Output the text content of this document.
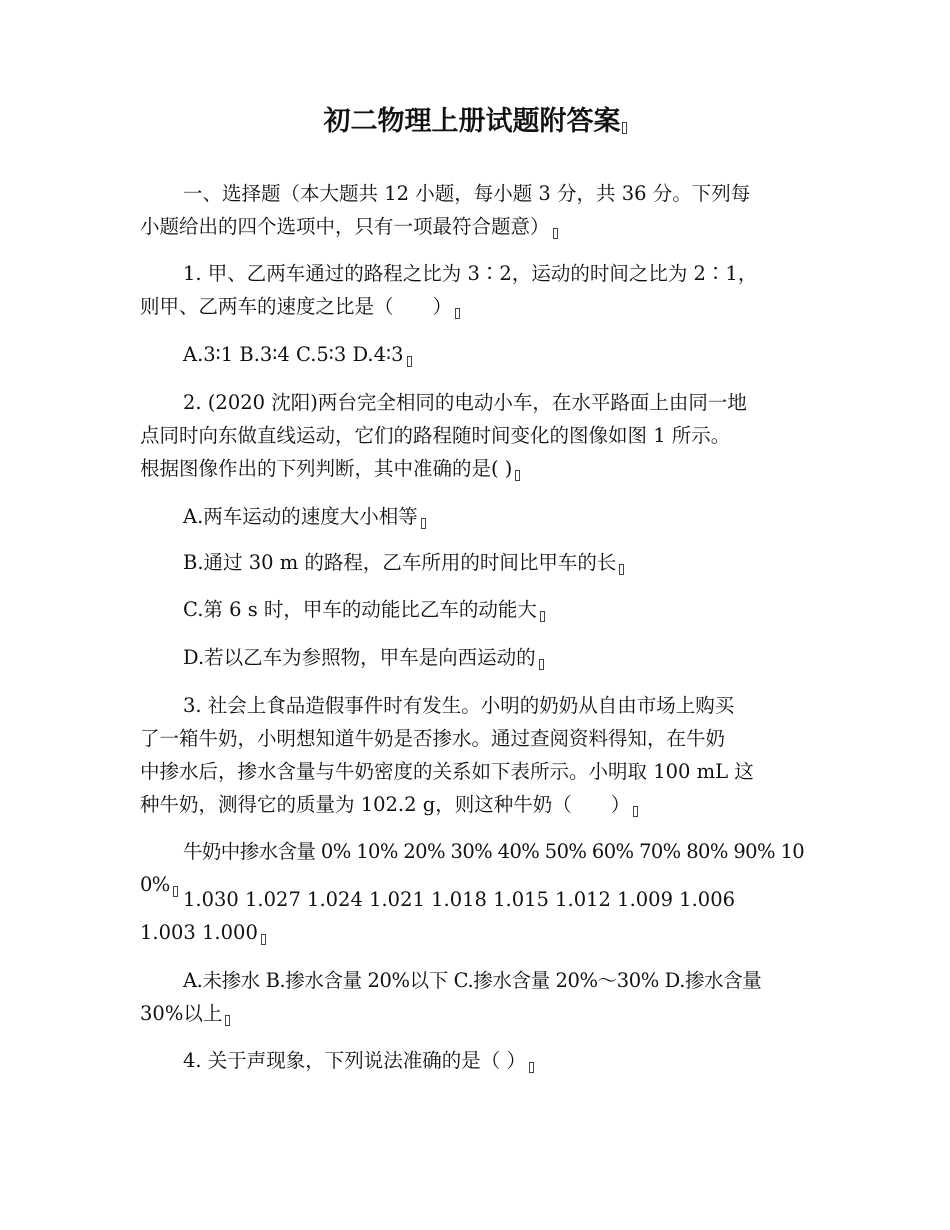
初二物理上册试题附答案
一、选择题（本大题共 12 小题，每小题 3 分，共 36 分。下列每
小题给出的四个选项中，只有一项最符合题意）
1. 甲、乙两车通过的路程之比为 3∶2，运动的时间之比为 2∶1，
则甲、乙两车的速度之比是（　　）
A.3∶1 B.3∶4 C.5∶3 D.4∶3
2. (2020 沈阳)两台完全相同的电动小车，在水平路面上由同一地
点同时向东做直线运动，它们的路程随时间变化的图像如图 1 所示。
根据图像作出的下列判断，其中准确的是( )
A.两车运动的速度大小相等
B.通过 30 m 的路程，乙车所用的时间比甲车的长
C.第 6 s 时，甲车的动能比乙车的动能大
D.若以乙车为参照物，甲车是向西运动的
3. 社会上食品造假事件时有发生。小明的奶奶从自由市场上购买
了一箱牛奶，小明想知道牛奶是否掺水。通过查阅资料得知，在牛奶
中掺水后，掺水含量与牛奶密度的关系如下表所示。小明取 100 mL 这
种牛奶，测得它的质量为 102.2 g，则这种牛奶（　　）
牛奶中掺水含量 0% 10% 20% 30% 40% 50% 60% 70% 80% 90% 100%
1.030 1.027 1.024 1.021 1.018 1.015 1.012 1.009 1.006
1.003 1.000
A.未掺水 B.掺水含量 20%以下 C.掺水含量 20%～30% D.掺水含量
30%以上
4. 关于声现象，下列说法准确的是（ ）
